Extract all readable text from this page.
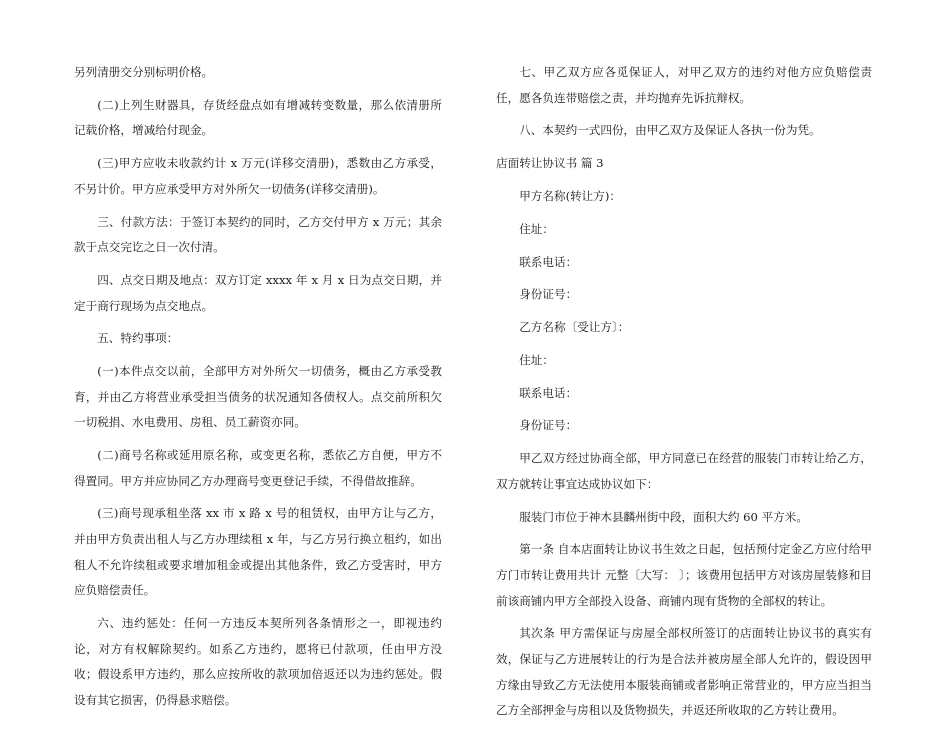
另列清册交分别标明价格。

(二)上列生财器具，存货经盘点如有增减转变数量，那么依清册所记载价格，增减给付现金。

(三)甲方应收未收款约计 x 万元(详移交清册)，悉数由乙方承受，不另计价。甲方应承受甲方对外所欠一切债务(详移交清册)。

三、付款方法：于签订本契约的同时，乙方交付甲方 x 万元；其余款于点交完讫之日一次付清。

四、点交日期及地点：双方订定 xxxx 年 x 月 x 日为点交日期，并定于商行现场为点交地点。

五、特约事项：

(一)本件点交以前，全部甲方对外所欠一切债务，概由乙方承受教育，并由乙方将营业承受担当债务的状况通知各债权人。点交前所积欠一切税捐、水电费用、房租、员工薪资亦同。

(二)商号名称或延用原名称，或变更名称，悉依乙方自便，甲方不得置同。甲方并应协同乙方办理商号变更登记手续，不得借故推辞。

(三)商号现承租坐落 xx 市 x 路 x 号的租赁权，由甲方让与乙方，并由甲方负责出租人与乙方办理续租 x 年，与乙方另行换立租约，如出租人不允许续租或要求增加租金或提出其他条件，致乙方受害时，甲方应负赔偿责任。

六、违约惩处：任何一方违反本契所列各条情形之一，即视违约论，对方有权解除契约。如系乙方违约，愿将已付款项，任由甲方没收；假设系甲方违约，那么应按所收的款项加倍返还以为违约惩处。假设有其它损害，仍得悬求赔偿。

七、甲乙双方应各觅保证人，对甲乙双方的违约对他方应负赔偿责任，愿各负连带赔偿之责，并均抛弃先诉抗辩权。

八、本契约一式四份，由甲乙双方及保证人各执一份为凭。

店面转让协议书 篇 3

甲方名称(转让方)：

住址：

联系电话：

身份证号：

乙方名称〔受让方〕：

住址：

联系电话：

身份证号：

甲乙双方经过协商全部，甲方同意已在经营的服装门市转让给乙方，双方就转让事宜达成协议如下：

服装门市位于神木县麟州街中段，面积大约 60 平方米。

第一条 自本店面转让协议书生效之日起，包括预付定金乙方应付给甲方门市转让费用共计 元整〔大写： 〕；该费用包括甲方对该房屋装修和目前该商铺内甲方全部投入设备、商铺内现有货物的全部权的转让。

其次条 甲方需保证与房屋全部权所签订的店面转让协议书的真实有效，保证与乙方进展转让的行为是合法并被房屋全部人允许的，假设因甲方缘由导致乙方无法使用本服装商铺或者影响正常营业的，甲方应当担当乙方全部押金与房租以及货物损失，并返还所收取的乙方转让费用。
